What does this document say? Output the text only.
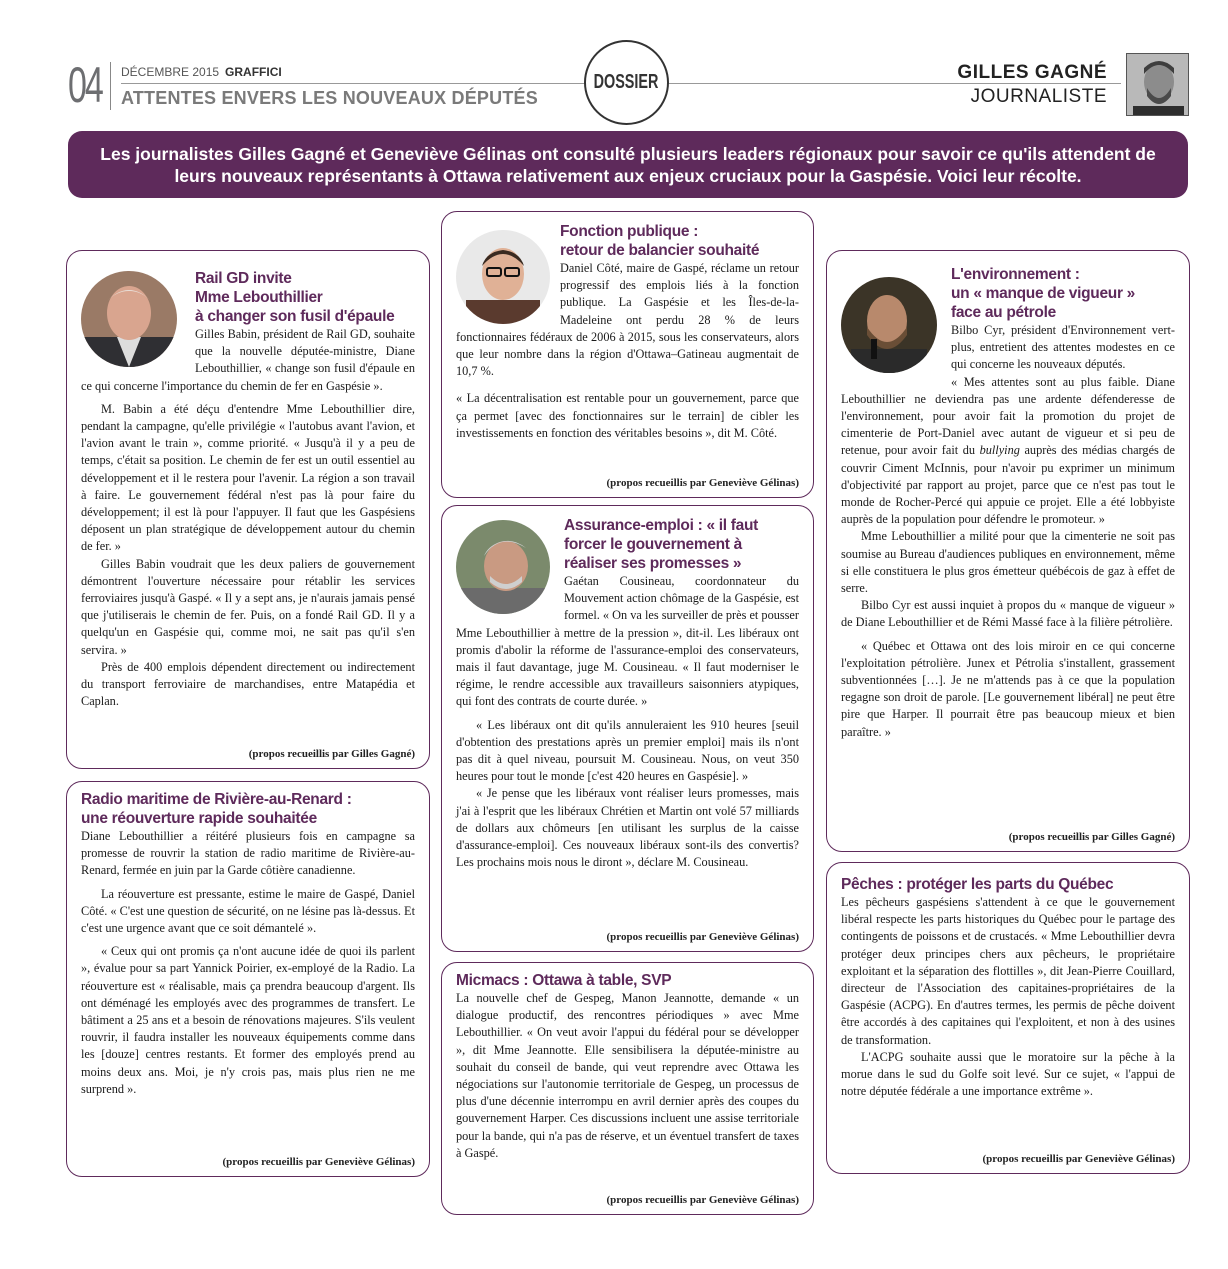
04 DÉCEMBRE 2015 GRAFFICI
ATTENTES ENVERS LES NOUVEAUX DÉPUTÉS
DOSSIER	GILLES GAGNÉ
JOURNALISTE
Les journalistes Gilles Gagné et Geneviève Gélinas ont consulté plusieurs leaders régionaux pour savoir ce qu'ils attendent de leurs nouveaux représentants à Ottawa relativement aux enjeux cruciaux pour la Gaspésie. Voici leur récolte.
Rail GD invite
Mme Lebouthillier
à changer son fusil d'épaule

Gilles Babin, président de Rail GD, souhaite que la nouvelle députée-ministre, Diane Lebouthillier, « change son fusil d'épaule en ce qui concerne l'importance du chemin de fer en Gaspésie ».

M. Babin a été déçu d'entendre Mme Lebouthillier dire, pendant la campagne, qu'elle privilégie « l'autobus avant l'avion, et l'avion avant le train », comme priorité. « Jusqu'à il y a peu de temps, c'était sa position. Le chemin de fer est un outil essentiel au développement et il le restera pour l'avenir. La région a son travail à faire. Le gouvernement fédéral n'est pas là pour faire du développement; il est là pour l'appuyer. Il faut que les Gaspésiens déposent un plan stratégique de développement autour du chemin de fer. »

Gilles Babin voudrait que les deux paliers de gouvernement démontrent l'ouverture nécessaire pour rétablir les services ferroviaires jusqu'à Gaspé. « Il y a sept ans, je n'aurais jamais pensé que j'utiliserais le chemin de fer. Puis, on a fondé Rail GD. Il y a quelqu'un en Gaspésie qui, comme moi, ne sait pas qu'il s'en servira. »

Près de 400 emplois dépendent directement ou indirectement du transport ferroviaire de marchandises, entre Matapédia et Caplan.

(propos recueillis par Gilles Gagné)
Radio maritime de Rivière-au-Renard :
une réouverture rapide souhaitée

Diane Lebouthillier a réitéré plusieurs fois en campagne sa promesse de rouvrir la station de radio maritime de Rivière-au-Renard, fermée en juin par la Garde côtière canadienne.

La réouverture est pressante, estime le maire de Gaspé, Daniel Côté. « C'est une question de sécurité, on ne lésine pas là-dessus. Et c'est une urgence avant que ce soit démantelé ».

« Ceux qui ont promis ça n'ont aucune idée de quoi ils parlent », évalue pour sa part Yannick Poirier, ex-employé de la Radio. La réouverture est « réalisable, mais ça prendra beaucoup d'argent. Ils ont déménagé les employés avec des programmes de transfert. Le bâtiment a 25 ans et a besoin de rénovations majeures. S'ils veulent rouvrir, il faudra installer les nouveaux équipements comme dans les [douze] centres restants. Et former des employés prend au moins deux ans. Moi, je n'y crois pas, mais plus rien ne me surprend ».

(propos recueillis par Geneviève Gélinas)
Fonction publique :
retour de balancier souhaité

Daniel Côté, maire de Gaspé, réclame un retour progressif des emplois liés à la fonction publique. La Gaspésie et les Îles-de-la-Madeleine ont perdu 28 % de leurs fonctionnaires fédéraux de 2006 à 2015, sous les conservateurs, alors que leur nombre dans la région d'Ottawa–Gatineau augmentait de 10,7 %.

« La décentralisation est rentable pour un gouvernement, parce que ça permet [avec des fonctionnaires sur le terrain] de cibler les investissements en fonction des véritables besoins », dit M. Côté.

(propos recueillis par Geneviève Gélinas)
Assurance-emploi : « il faut
forcer le gouvernement à
réaliser ses promesses »

Gaétan Cousineau, coordonnateur du Mouvement action chômage de la Gaspésie, est formel. « On va les surveiller de près et pousser Mme Lebouthillier à mettre de la pression », dit-il. Les libéraux ont promis d'abolir la réforme de l'assurance-emploi des conservateurs, mais il faut davantage, juge M. Cousineau. « Il faut moderniser le régime, le rendre accessible aux travailleurs saisonniers atypiques, qui font des contrats de courte durée. »

« Les libéraux ont dit qu'ils annuleraient les 910 heures [seuil d'obtention des prestations après un premier emploi] mais ils n'ont pas dit à quel niveau, poursuit M. Cousineau. Nous, on veut 350 heures pour tout le monde [c'est 420 heures en Gaspésie]. »

« Je pense que les libéraux vont réaliser leurs promesses, mais j'ai à l'esprit que les libéraux Chrétien et Martin ont volé 57 milliards de dollars aux chômeurs [en utilisant les surplus de la caisse d'assurance-emploi]. Ces nouveaux libéraux sont-ils des convertis? Les prochains mois nous le diront », déclare M. Cousineau.

(propos recueillis par Geneviève Gélinas)
Micmacs : Ottawa à table, SVP

La nouvelle chef de Gespeg, Manon Jeannotte, demande « un dialogue productif, des rencontres périodiques » avec Mme Lebouthillier. « On veut avoir l'appui du fédéral pour se développer », dit Mme Jeannotte. Elle sensibilisera la députée-ministre au souhait du conseil de bande, qui veut reprendre avec Ottawa les négociations sur l'autonomie territoriale de Gespeg, un processus de plus d'une décennie interrompu en avril dernier après des coupes du gouvernement Harper. Ces discussions incluent une assise territoriale pour la bande, qui n'a pas de réserve, et un éventuel transfert de taxes à Gaspé.

(propos recueillis par Geneviève Gélinas)
L'environnement :
un « manque de vigueur »
face au pétrole

Bilbo Cyr, président d'Environnement vert-plus, entretient des attentes modestes en ce qui concerne les nouveaux députés.

« Mes attentes sont au plus faible. Diane Lebouthillier ne deviendra pas une ardente défenderesse de l'environnement, pour avoir fait la promotion du projet de cimenterie de Port-Daniel avec autant de vigueur et si peu de retenue, pour avoir fait du bullying auprès des médias chargés de couvrir Ciment McInnis, pour n'avoir pu exprimer un minimum d'objectivité par rapport au projet, parce que ce n'est pas tout le monde de Rocher-Percé qui appuie ce projet. Elle a été lobbyiste auprès de la population pour défendre le promoteur. »

Mme Lebouthillier a milité pour que la cimenterie ne soit pas soumise au Bureau d'audiences publiques en environnement, même si elle constituera le plus gros émetteur québécois de gaz à effet de serre.

Bilbo Cyr est aussi inquiet à propos du « manque de vigueur » de Diane Lebouthillier et de Rémi Massé face à la filière pétrolière.

« Québec et Ottawa ont des lois miroir en ce qui concerne l'exploitation pétrolière. Junex et Pétrolia s'installent, grassement subventionnées […]. Je ne m'attends pas à ce que la population regagne son droit de parole. [Le gouvernement libéral] ne peut être pire que Harper. Il pourrait être pas beaucoup mieux et bien paraître. »

(propos recueillis par Gilles Gagné)
Pêches : protéger les parts du Québec

Les pêcheurs gaspésiens s'attendent à ce que le gouvernement libéral respecte les parts historiques du Québec pour le partage des contingents de poissons et de crustacés. « Mme Lebouthillier devra protéger deux principes chers aux pêcheurs, le propriétaire exploitant et la séparation des flottilles », dit Jean-Pierre Couillard, directeur de l'Association des capitaines-propriétaires de la Gaspésie (ACPG). En d'autres termes, les permis de pêche doivent être accordés à des capitaines qui l'exploitent, et non à des usines de transformation.

L'ACPG souhaite aussi que le moratoire sur la pêche à la morue dans le sud du Golfe soit levé. Sur ce sujet, « l'appui de notre députée fédérale a une importance extrême ».

(propos recueillis par Geneviève Gélinas)
